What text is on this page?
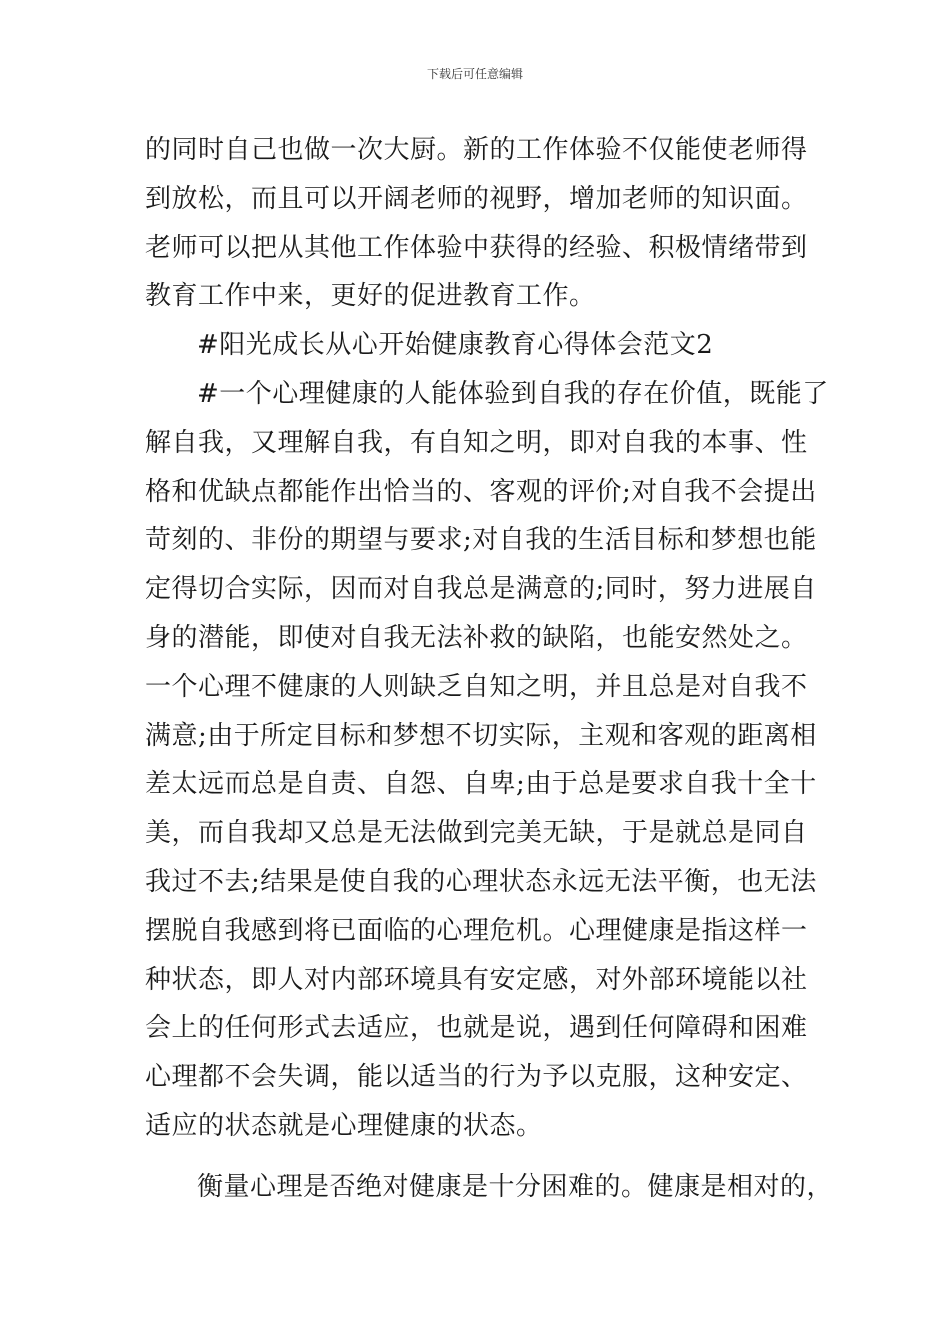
下载后可任意编辑
的同时自己也做一次大厨。新的工作体验不仅能使老师得
到放松，而且可以开阔老师的视野，增加老师的知识面。
老师可以把从其他工作体验中获得的经验、积极情绪带到
教育工作中来，更好的促进教育工作。
#阳光成长从心开始健康教育心得体会范文2
#一个心理健康的人能体验到自我的存在价值，既能了
解自我，又理解自我，有自知之明，即对自我的本事、性
格和优缺点都能作出恰当的、客观的评价;对自我不会提出
苛刻的、非份的期望与要求;对自我的生活目标和梦想也能
定得切合实际，因而对自我总是满意的;同时，努力进展自
身的潜能，即使对自我无法补救的缺陷，也能安然处之。
一个心理不健康的人则缺乏自知之明，并且总是对自我不
满意;由于所定目标和梦想不切实际，主观和客观的距离相
差太远而总是自责、自怨、自卑;由于总是要求自我十全十
美，而自我却又总是无法做到完美无缺，于是就总是同自
我过不去;结果是使自我的心理状态永远无法平衡，也无法
摆脱自我感到将已面临的心理危机。心理健康是指这样一
种状态，即人对内部环境具有安定感，对外部环境能以社
会上的任何形式去适应，也就是说，遇到任何障碍和困难
心理都不会失调，能以适当的行为予以克服，这种安定、
适应的状态就是心理健康的状态。
衡量心理是否绝对健康是十分困难的。健康是相对的，
